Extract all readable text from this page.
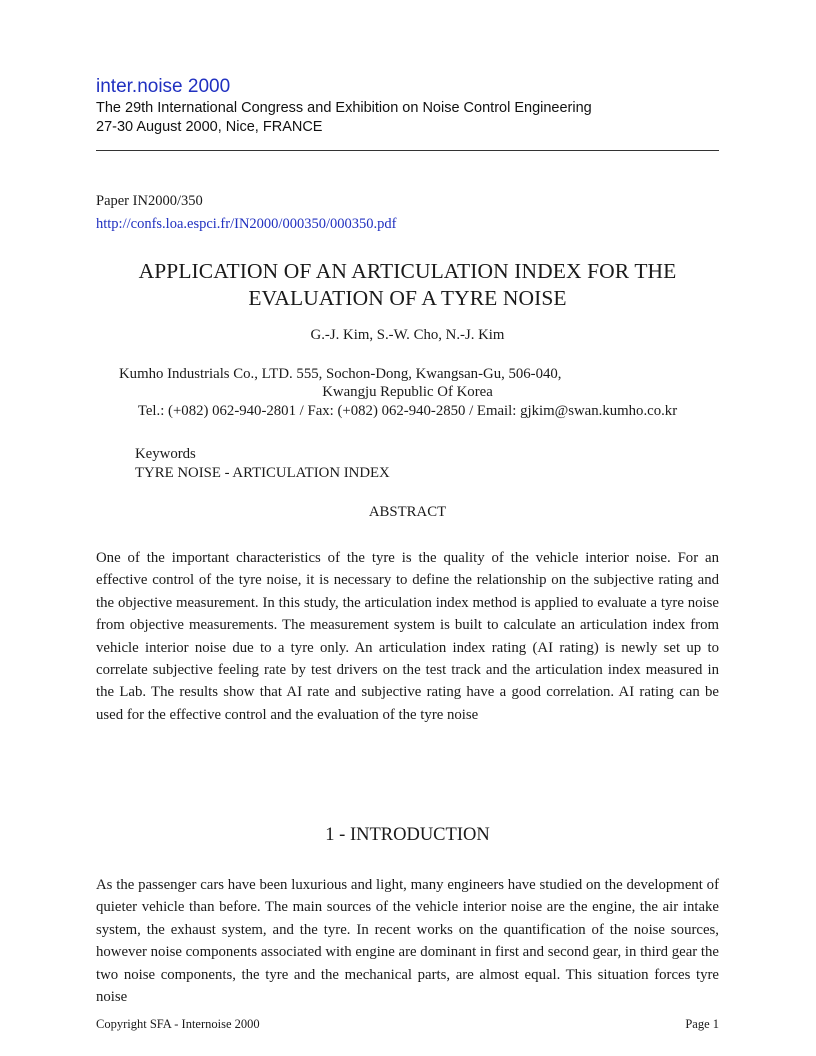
inter.noise 2000
The 29th International Congress and Exhibition on Noise Control Engineering
27-30 August 2000, Nice, FRANCE
Paper IN2000/350
http://confs.loa.espci.fr/IN2000/000350/000350.pdf
APPLICATION OF AN ARTICULATION INDEX FOR THE
EVALUATION OF A TYRE NOISE
G.-J. Kim, S.-W. Cho, N.-J. Kim
Kumho Industrials Co., LTD. 555, Sochon-Dong, Kwangsan-Gu, 506-040,
Kwangju Republic Of Korea
Tel.: (+082) 062-940-2801 / Fax: (+082) 062-940-2850 / Email: gjkim@swan.kumho.co.kr
Keywords
TYRE NOISE - ARTICULATION INDEX
ABSTRACT

One of the important characteristics of the tyre is the quality of the vehicle interior noise. For an effective control of the tyre noise, it is necessary to define the relationship on the subjective rating and the objective measurement. In this study, the articulation index method is applied to evaluate a tyre noise from objective measurements. The measurement system is built to calculate an articulation index from vehicle interior noise due to a tyre only. An articulation index rating (AI rating) is newly set up to correlate subjective feeling rate by test drivers on the test track and the articulation index measured in the Lab. The results show that AI rate and subjective rating have a good correlation. AI rating can be used for the effective control and the evaluation of the tyre noise

1 - INTRODUCTION

As the passenger cars have been luxurious and light, many engineers have studied on the development of quieter vehicle than before. The main sources of the vehicle interior noise are the engine, the air intake system, the exhaust system, and the tyre. In recent works on the quantification of the noise sources, however noise components associated with engine are dominant in first and second gear, in third gear the two noise components, the tyre and the mechanical parts, are almost equal. This situation forces tyre noise

Copyright SFA - Internoise 2000	Page 1
